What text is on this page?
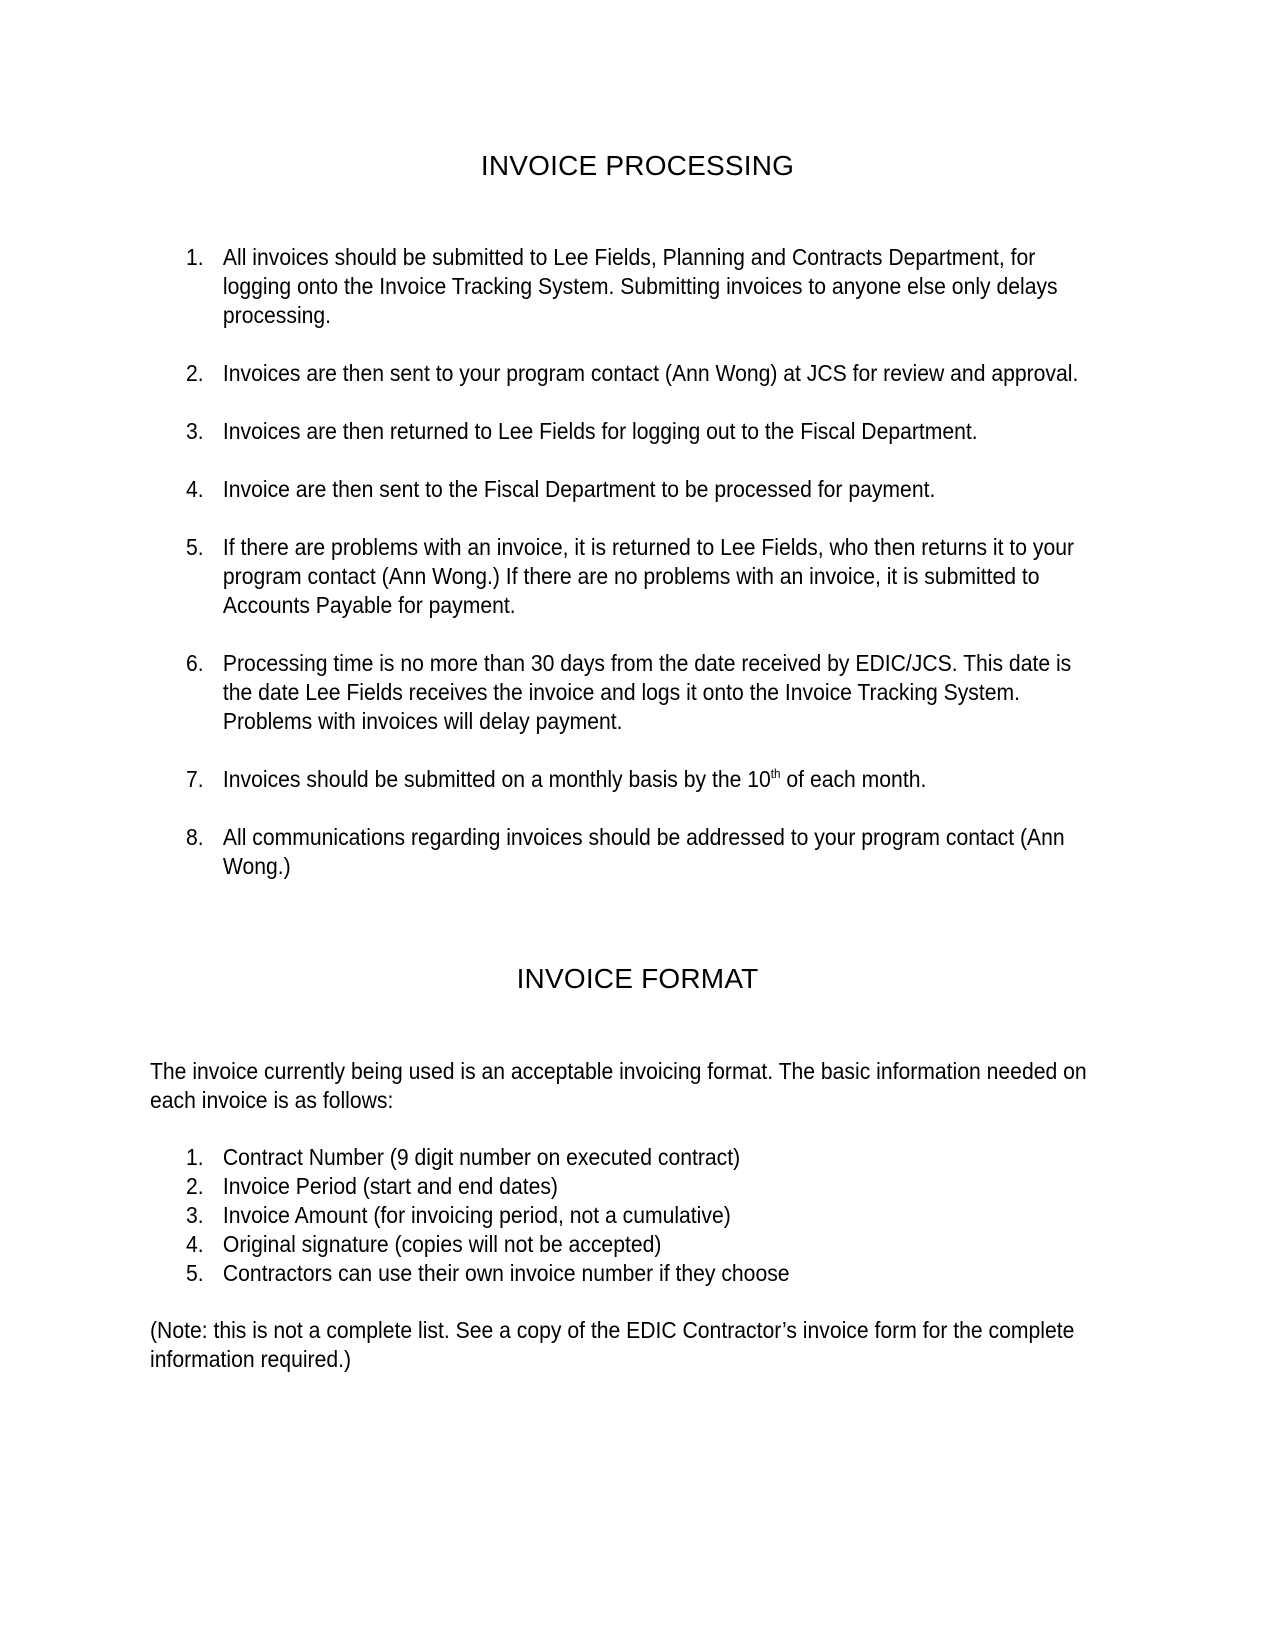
INVOICE PROCESSING
1. All invoices should be submitted to Lee Fields, Planning and Contracts Department, for logging onto the Invoice Tracking System. Submitting invoices to anyone else only delays processing.
2. Invoices are then sent to your program contact (Ann Wong) at JCS for review and approval.
3. Invoices are then returned to Lee Fields for logging out to the Fiscal Department.
4. Invoice are then sent to the Fiscal Department to be processed for payment.
5. If there are problems with an invoice, it is returned to Lee Fields, who then returns it to your program contact (Ann Wong.) If there are no problems with an invoice, it is submitted to Accounts Payable for payment.
6. Processing time is no more than 30 days from the date received by EDIC/JCS. This date is the date Lee Fields receives the invoice and logs it onto the Invoice Tracking System. Problems with invoices will delay payment.
7. Invoices should be submitted on a monthly basis by the 10th of each month.
8. All communications regarding invoices should be addressed to your program contact (Ann Wong.)
INVOICE FORMAT

The invoice currently being used is an acceptable invoicing format. The basic information needed on each invoice is as follows:

1. Contract Number (9 digit number on executed contract)
2. Invoice Period (start and end dates)
3. Invoice Amount (for invoicing period, not a cumulative)
4. Original signature (copies will not be accepted)
5. Contractors can use their own invoice number if they choose

(Note: this is not a complete list. See a copy of the EDIC Contractor’s invoice form for the complete information required.)
